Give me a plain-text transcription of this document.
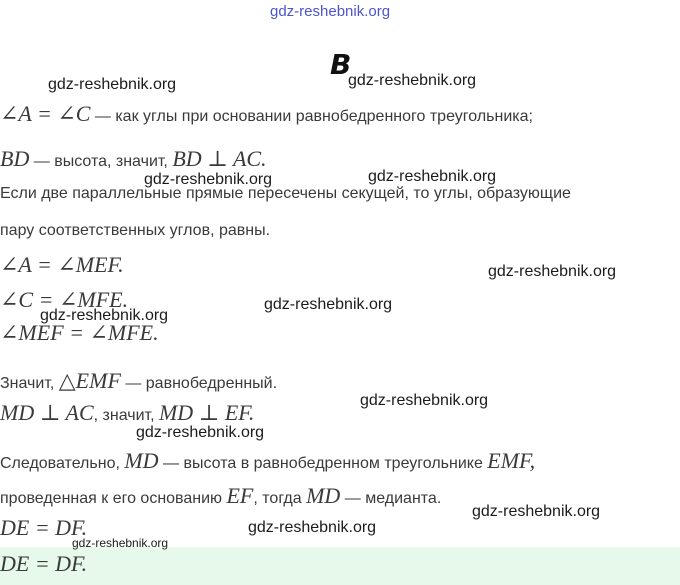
gdz-reshebnik.org
B
gdz-reshebnik.org	gdz-reshebnik.org
gdz-reshebnik.org	gdz-reshebnik.org
gdz-reshebnik.org
gdz-reshebnik.org
gdz-reshebnik.org
gdz-reshebnik.org
gdz-reshebnik.org
gdz-reshebnik.org
gdz-reshebnik.org
gdz-reshebnik.org
∠A = ∠C — как углы при основании равнобедренного треугольника;
BD — высота, значит, BD ⊥ AC.
Если две параллельные прямые пересечены секущей, то углы, образующие
пару соответственных углов, равны.
∠A = ∠MEF.
∠C = ∠MFE.
∠MEF = ∠MFE.
Значит, △EMF — равнобедренный.
MD ⊥ AC, значит, MD ⊥ EF.
Следовательно, MD — высота в равнобедренном треугольнике EMF,
проведенная к его основанию EF, тогда MD — медианта.
DE = DF.
DE = DF.
